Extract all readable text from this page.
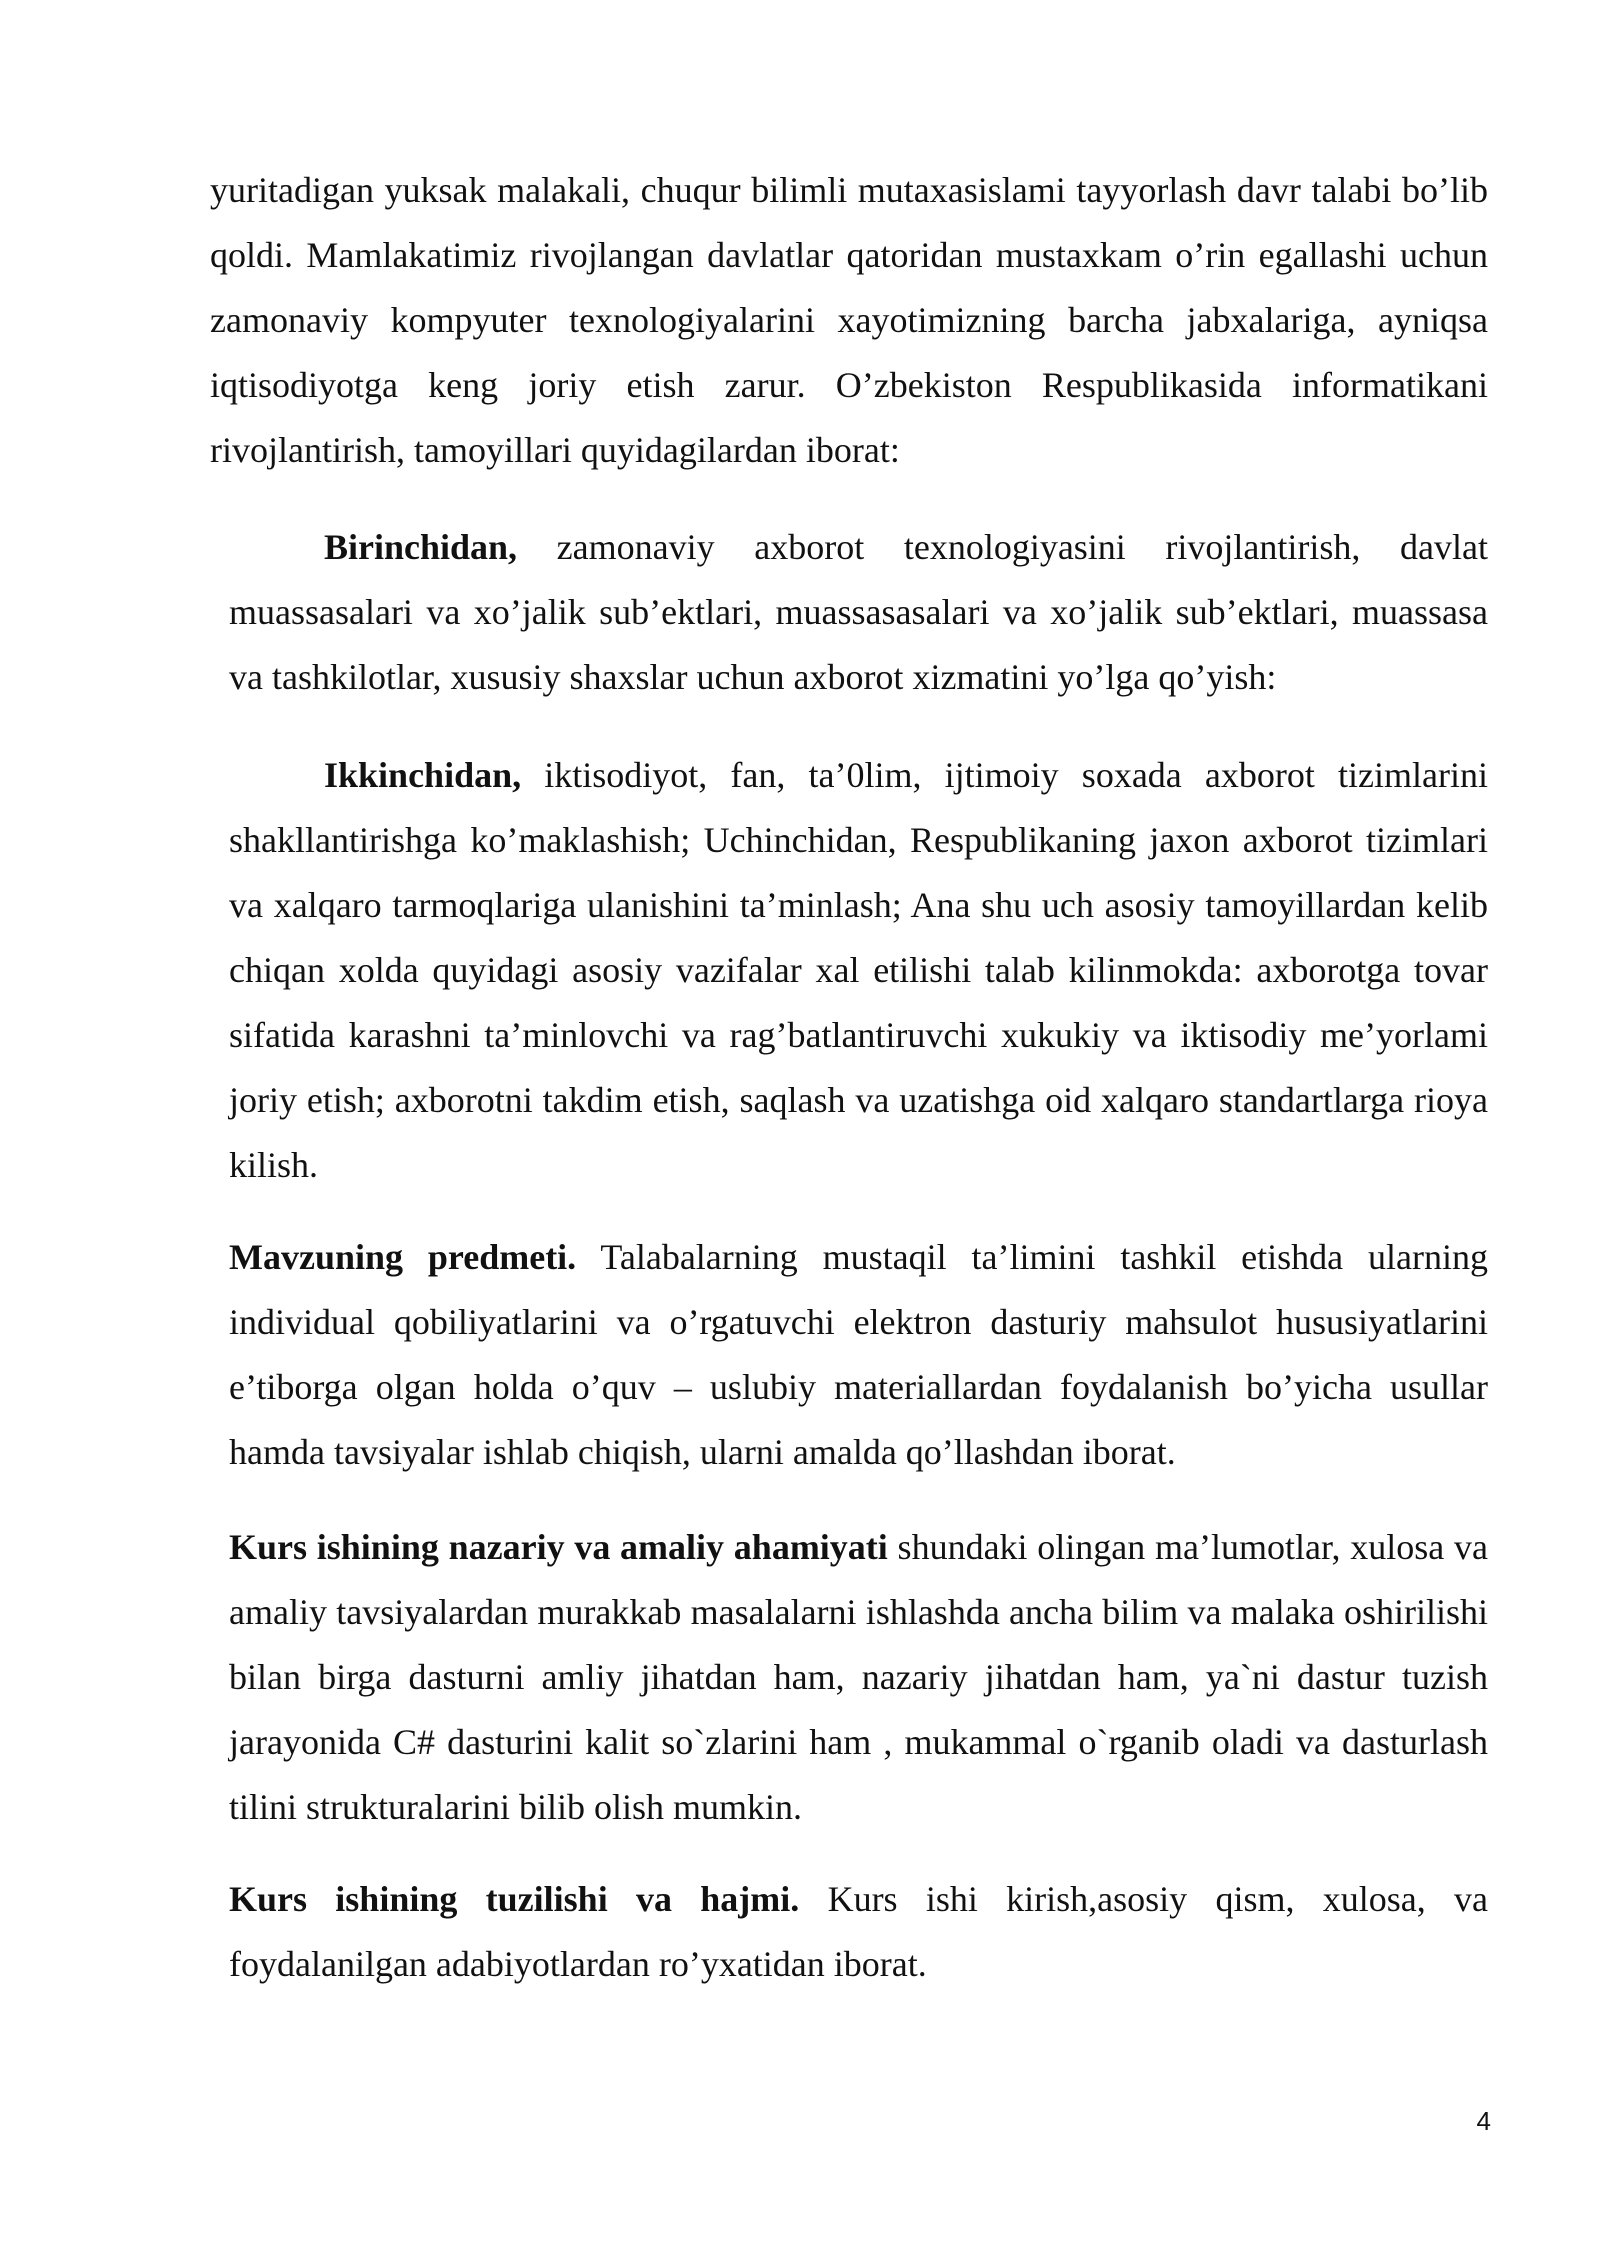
yuritadigan yuksak malakali, chuqur bilimli mutaxasislami tayyorlash davr talabi bo’lib qoldi. Mamlakatimiz rivojlangan davlatlar qatoridan mustaxkam o’rin egallashi uchun zamonaviy kompyuter texnologiyalarini xayotimizning barcha jabxalariga, ayniqsa iqtisodiyotga keng joriy etish zarur. O’zbekiston Respublikasida informatikani rivojlantirish, tamoyillari quyidagilardan iborat:

Birinchidan, zamonaviy axborot texnologiyasini rivojlantirish, davlat muassasalari va xo’jalik sub’ektlari, muassasasalari va xo’jalik sub’ektlari, muassasa va tashkilotlar, xususiy shaxslar uchun axborot xizmatini yo’lga qo’yish:

Ikkinchidan, iktisodiyot, fan, ta’0lim, ijtimoiy soxada axborot tizimlarini shakllantirishga ko’maklashish; Uchinchidan, Respublikaning jaxon axborot tizimlari va xalqaro tarmoqlariga ulanishini ta’minlash; Ana shu uch asosiy tamoyillardan kelib chiqan xolda quyidagi asosiy vazifalar xal etilishi talab kilinmokda: axborotga tovar sifatida karashni ta’minlovchi va rag’batlantiruvchi xukukiy va iktisodiy me’yorlami joriy etish; axborotni takdim etish, saqlash va uzatishga oid xalqaro standartlarga rioya kilish.

Mavzuning predmeti. Talabalarning mustaqil ta’limini tashkil etishda ularning individual qobiliyatlarini va o’rgatuvchi elektron dasturiy mahsulot hususiyatlarini e’tiborga olgan holda o’quv – uslubiy materiallardan foydalanish bo’yicha usullar hamda tavsiyalar ishlab chiqish, ularni amalda qo’llashdan iborat.

Kurs ishining nazariy va amaliy ahamiyati shundaki olingan ma’lumotlar, xulosa va amaliy tavsiyalardan murakkab masalalarni ishlashda ancha bilim va malaka oshirilishi bilan birga dasturni amliy jihatdan ham, nazariy jihatdan ham, ya`ni dastur tuzish jarayonida C# dasturini kalit so`zlarini ham , mukammal o`rganib oladi va dasturlash tilini strukturalarini bilib olish mumkin.

Kurs ishining tuzilishi va hajmi. Kurs ishi kirish,asosiy qism, xulosa, va foydalanilgan adabiyotlardan ro’yxatidan iborat.

4
